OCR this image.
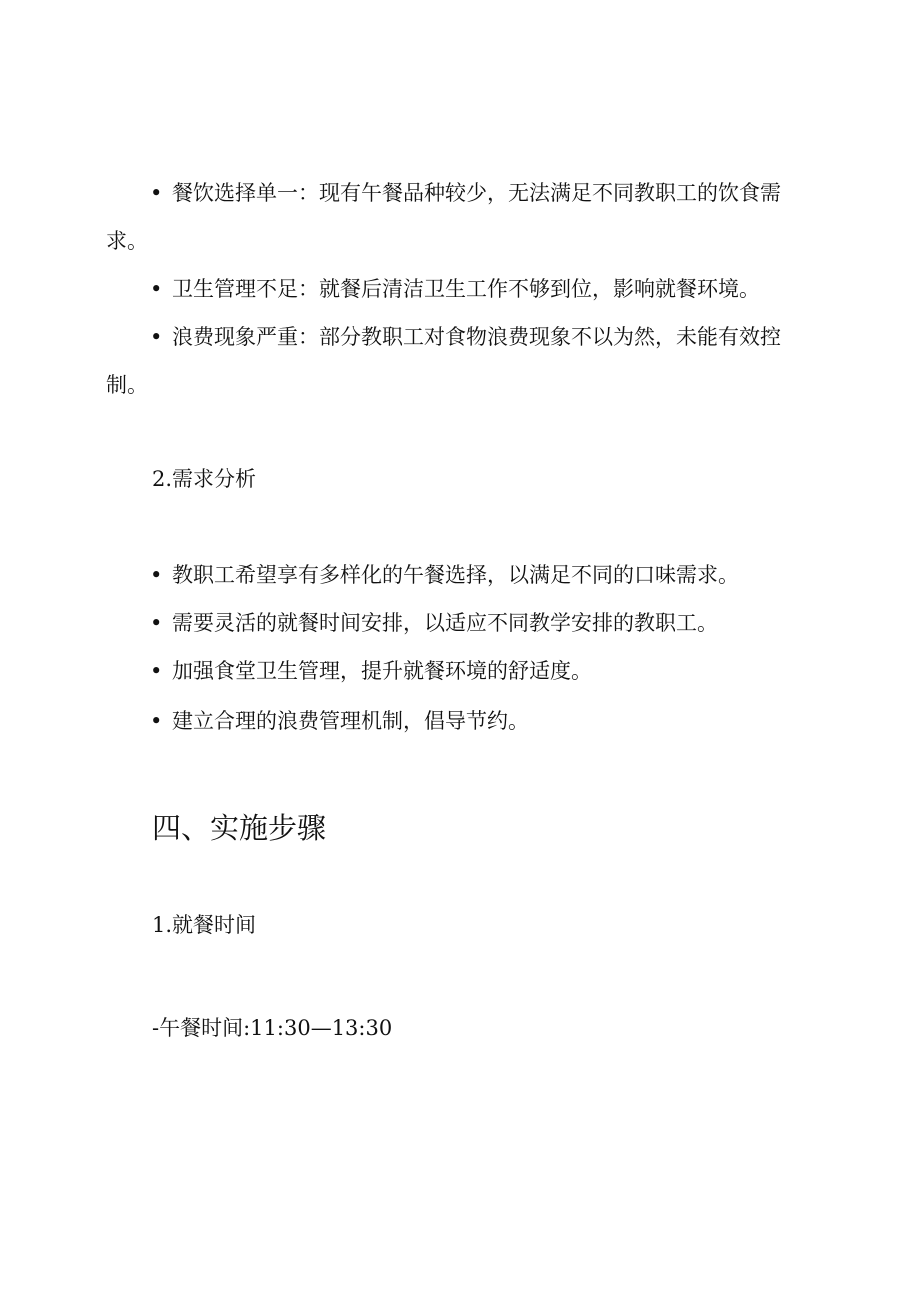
• 餐饮选择单一：现有午餐品种较少，无法满足不同教职工的饮食需
求。
• 卫生管理不足：就餐后清洁卫生工作不够到位，影响就餐环境。
• 浪费现象严重：部分教职工对食物浪费现象不以为然，未能有效控
制。

2.需求分析

• 教职工希望享有多样化的午餐选择，以满足不同的口味需求。
• 需要灵活的就餐时间安排，以适应不同教学安排的教职工。
• 加强食堂卫生管理，提升就餐环境的舒适度。
• 建立合理的浪费管理机制，倡导节约。
四、实施步骤

1.就餐时间

-午餐时间:11:30—13:30
